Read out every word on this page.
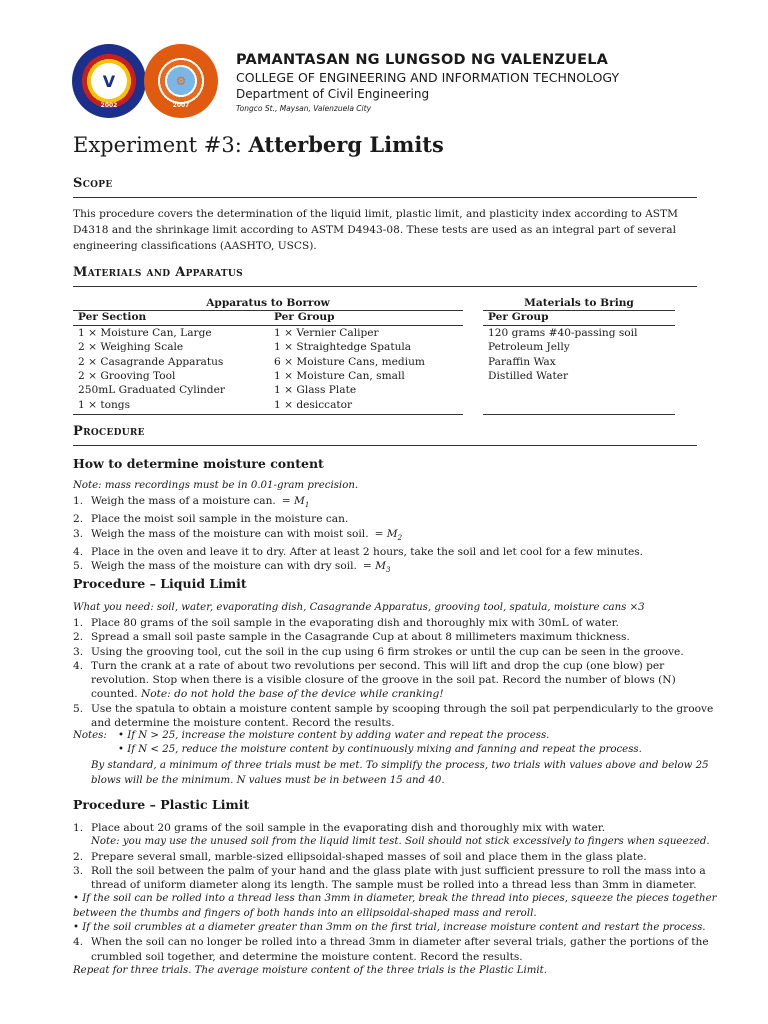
V
2002
⚙
2007
PAMANTASAN NG LUNGSOD NG VALENZUELA
COLLEGE OF ENGINEERING AND INFORMATION TECHNOLOGY
Department of Civil Engineering
Tongco St., Maysan, Valenzuela City
Experiment #3: Atterberg Limits
Scope
This procedure covers the determination of the liquid limit, plastic limit, and plasticity index according to ASTM D4318 and the shrinkage limit according to ASTM D4943-08. These tests are used as an integral part of several engineering classifications (AASHTO, USCS).
Materials and Apparatus
Apparatus to Borrow
Per Section	Per Group
1 × Moisture Can, Large	1 × Vernier Caliper
2 × Weighing Scale	1 × Straightedge Spatula
2 × Casagrande Apparatus	6 × Moisture Cans, medium
2 × Grooving Tool	1 × Moisture Can, small
250mL Graduated Cylinder	1 × Glass Plate
1 × tongs	1 × desiccator
Materials to Bring
Per Group
120 grams #40-passing soil
Petroleum Jelly
Paraffin Wax
Distilled Water
Procedure
How to determine moisture content
Note: mass recordings must be in 0.01-gram precision.
1. Weigh the mass of a moisture can. = $M_1$
2. Place the moist soil sample in the moisture can.
3. Weigh the mass of the moisture can with moist soil. = $M_2$
4. Place in the oven and leave it to dry. After at least 2 hours, take the soil and let cool for a few minutes.
5. Weigh the mass of the moisture can with dry soil. = $M_3$
Procedure – Liquid Limit
What you need: soil, water, evaporating dish, Casagrande Apparatus, grooving tool, spatula, moisture cans ×3
1. Place 80 grams of the soil sample in the evaporating dish and thoroughly mix with 30mL of water.
2. Spread a small soil paste sample in the Casagrande Cup at about 8 millimeters maximum thickness.
3. Using the grooving tool, cut the soil in the cup using 6 firm strokes or until the cup can be seen in the groove.
4. Turn the crank at a rate of about two revolutions per second. This will lift and drop the cup (one blow) per revolution. Stop when there is a visible closure of the groove in the soil pat. Record the number of blows (N) counted. Note: do not hold the base of the device while cranking!
5. Use the spatula to obtain a moisture content sample by scooping through the soil pat perpendicularly to the groove and determine the moisture content. Record the results.
Notes: • If N > 25, increase the moisture content by adding water and repeat the process.
• If N < 25, reduce the moisture content by continuously mixing and fanning and repeat the process.
By standard, a minimum of three trials must be met. To simplify the process, two trials with values above and below 25 blows will be the minimum. N values must be in between 15 and 40.
Procedure – Plastic Limit
1. Place about 20 grams of the soil sample in the evaporating dish and thoroughly mix with water.
Note: you may use the unused soil from the liquid limit test. Soil should not stick excessively to fingers when squeezed.
2. Prepare several small, marble-sized ellipsoidal-shaped masses of soil and place them in the glass plate.
3. Roll the soil between the palm of your hand and the glass plate with just sufficient pressure to roll the mass into a thread of uniform diameter along its length. The sample must be rolled into a thread less than 3mm in diameter.
• If the soil can be rolled into a thread less than 3mm in diameter, break the thread into pieces, squeeze the pieces together between the thumbs and fingers of both hands into an ellipsoidal-shaped mass and reroll.
• If the soil crumbles at a diameter greater than 3mm on the first trial, increase moisture content and restart the process.
4. When the soil can no longer be rolled into a thread 3mm in diameter after several trials, gather the portions of the crumbled soil together, and determine the moisture content. Record the results.
Repeat for three trials. The average moisture content of the three trials is the Plastic Limit.
